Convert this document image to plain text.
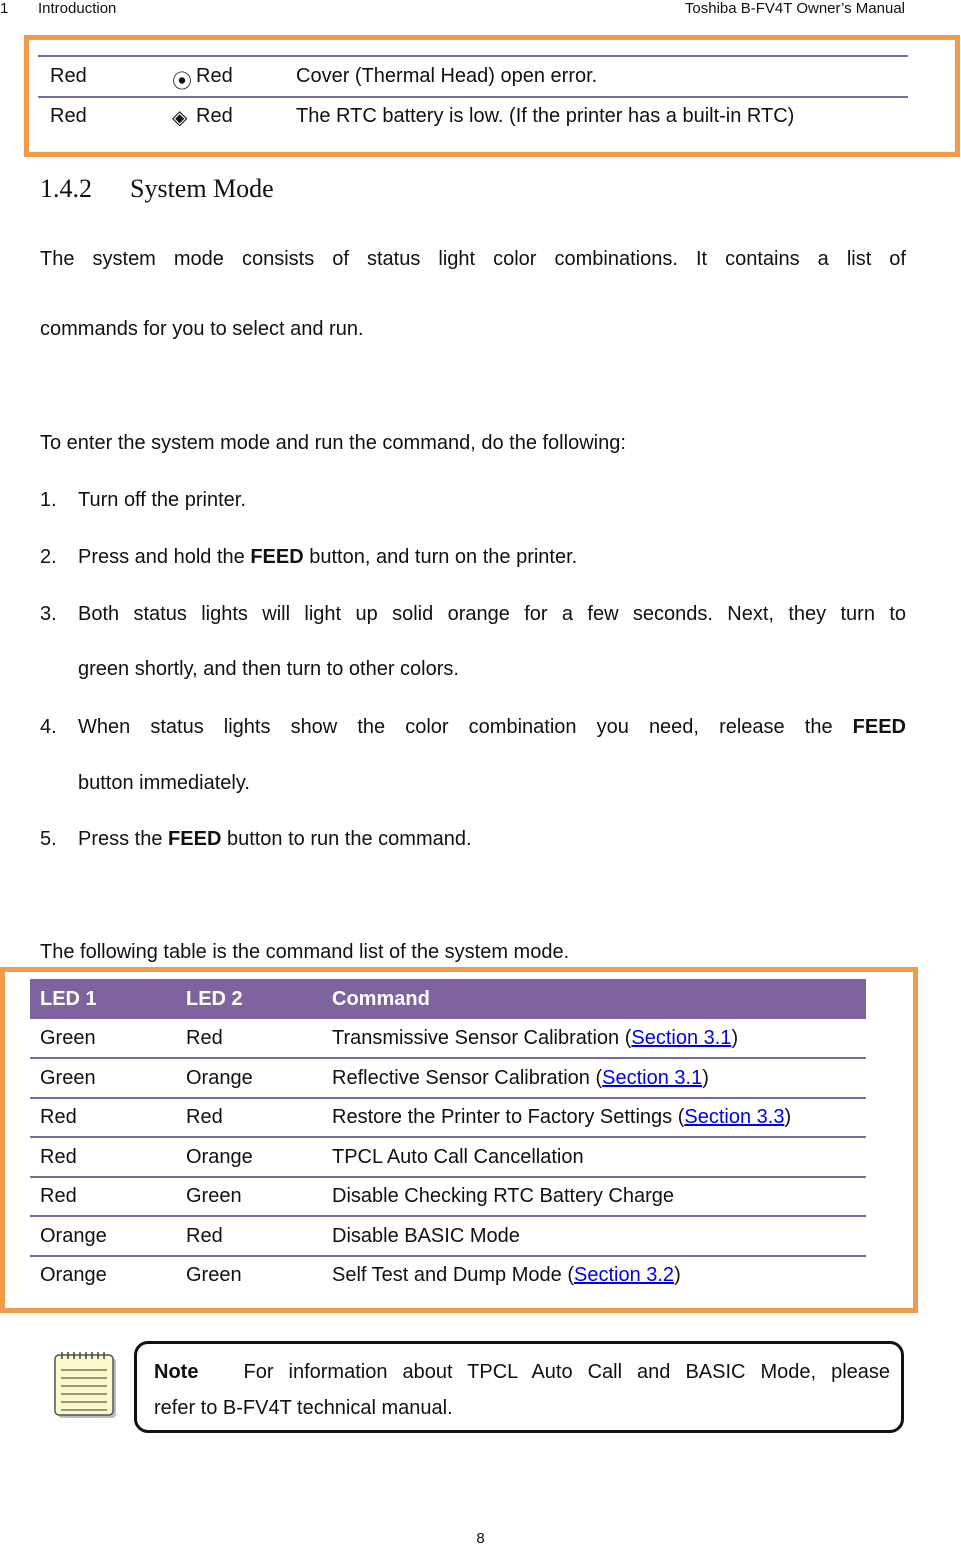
1 Introduction	Toshiba B-FV4T Owner’s Manual
Red	⦿ Red	Cover (Thermal Head) open error.
Red	◈ Red	The RTC battery is low. (If the printer has a built-in RTC)
1.4.2 System Mode
The system mode consists of status light color combinations. It contains a list of
commands for you to select and run.
To enter the system mode and run the command, do the following:
1. Turn off the printer.
2. Press and hold the FEED button, and turn on the printer.
3. Both status lights will light up solid orange for a few seconds. Next, they turn to
green shortly, and then turn to other colors.
4. When status lights show the color combination you need, release the FEED
button immediately.
5. Press the FEED button to run the command.
The following table is the command list of the system mode.
LED 1	LED 2	Command
Green	Red	Transmissive Sensor Calibration (Section 3.1)
Green	Orange	Reflective Sensor Calibration (Section 3.1)
Red	Red	Restore the Printer to Factory Settings (Section 3.3)
Red	Orange	TPCL Auto Call Cancellation
Red	Green	Disable Checking RTC Battery Charge
Orange	Red	Disable BASIC Mode
Orange	Green	Self Test and Dump Mode (Section 3.2)
Note For information about TPCL Auto Call and BASIC Mode, please
refer to B-FV4T technical manual.
8
